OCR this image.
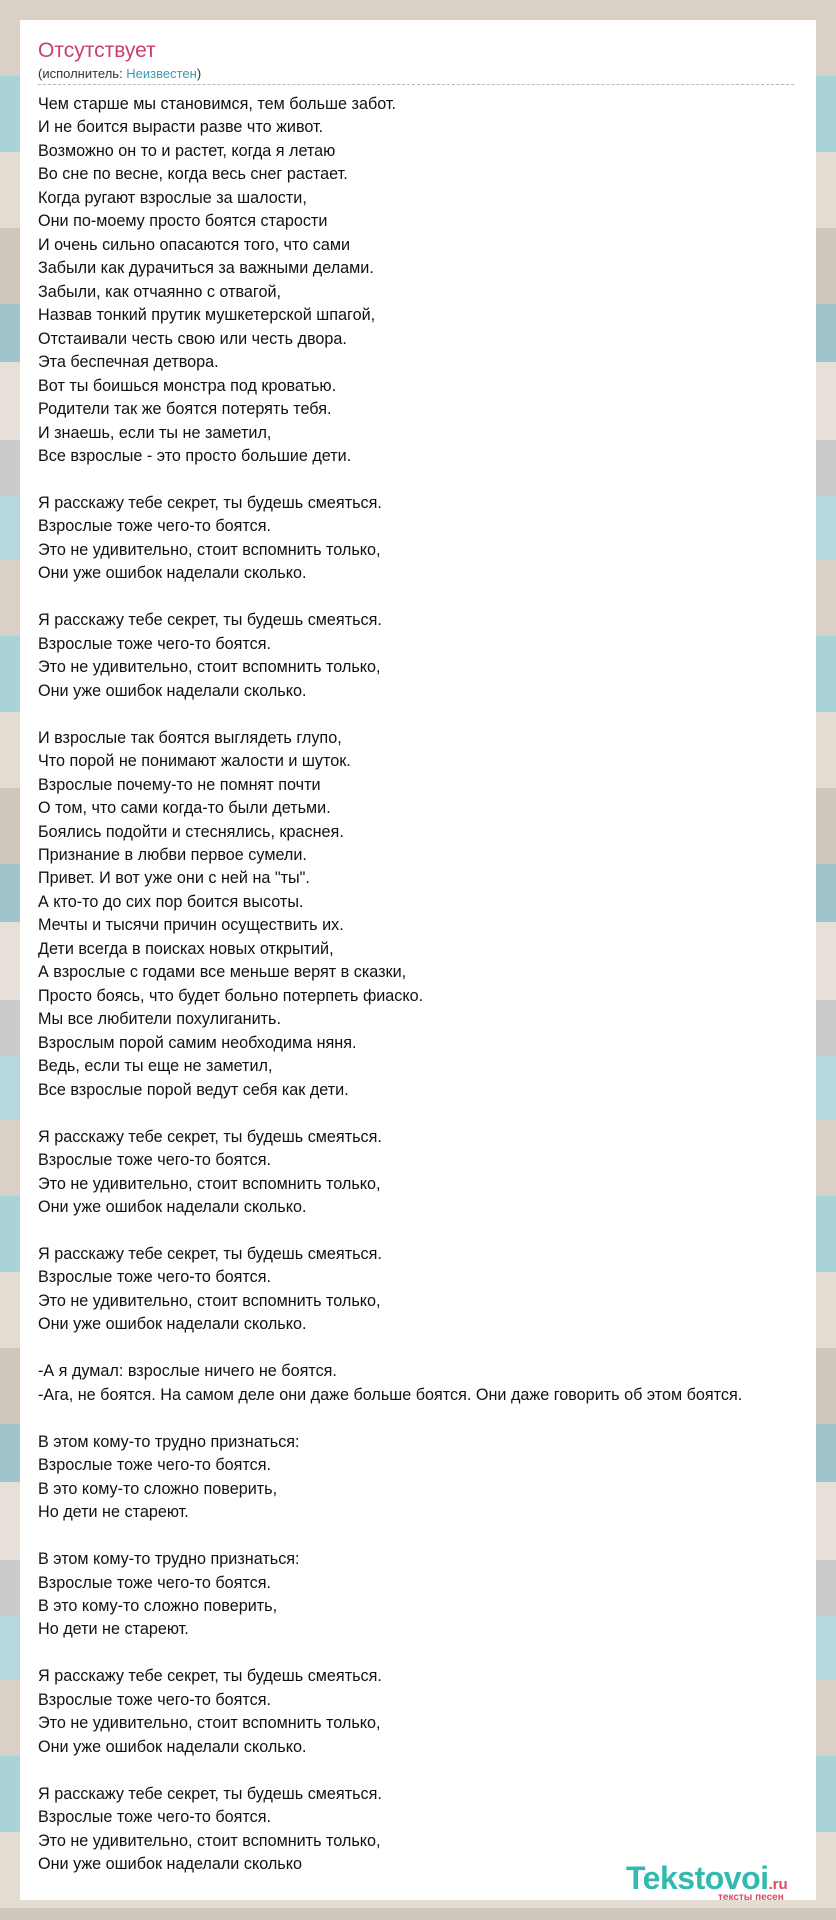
Отсутствует
(исполнитель: Неизвестен)
Чем старше мы становимся, тем больше забот.
И не боится вырасти разве что живот.
Возможно он то и растет, когда я летаю
Во сне по весне, когда весь снег растает.
Когда ругают взрослые за шалости,
Они по-моему просто боятся старости
И очень сильно опасаются того, что сами
Забыли как дурачиться за важными делами.
Забыли, как отчаянно с отвагой,
Назвав тонкий прутик мушкетерской шпагой,
Отстаивали честь свою или честь двора.
Эта беспечная детвора.
Вот ты боишься монстра под кроватью.
Родители так же боятся потерять тебя.
И знаешь, если ты не заметил,
Все взрослые - это просто большие дети.

Я расскажу тебе секрет, ты будешь смеяться.
Взрослые тоже чего-то боятся.
Это не удивительно, стоит вспомнить только,
Они уже ошибок наделали сколько.

Я расскажу тебе секрет, ты будешь смеяться.
Взрослые тоже чего-то боятся.
Это не удивительно, стоит вспомнить только,
Они уже ошибок наделали сколько.

И взрослые так боятся выглядеть глупо,
Что порой не понимают жалости и шуток.
Взрослые почему-то не помнят почти
О том, что сами когда-то были детьми.
Боялись подойти и стеснялись, краснея.
Признание в любви первое сумели.
Привет. И вот уже они с ней на "ты".
А кто-то до сих пор боится высоты.
Мечты и тысячи причин осуществить их.
Дети всегда в поисках новых открытий,
А взрослые с годами все меньше верят в сказки,
Просто боясь, что будет больно потерпеть фиаско.
Мы все любители похулиганить.
Взрослым порой самим необходима няня.
Ведь, если ты еще не заметил,
Все взрослые порой ведут себя как дети.

Я расскажу тебе секрет, ты будешь смеяться.
Взрослые тоже чего-то боятся.
Это не удивительно, стоит вспомнить только,
Они уже ошибок наделали сколько.

Я расскажу тебе секрет, ты будешь смеяться.
Взрослые тоже чего-то боятся.
Это не удивительно, стоит вспомнить только,
Они уже ошибок наделали сколько.

-А я думал: взрослые ничего не боятся.
-Ага, не боятся. На самом деле они даже больше боятся. Они даже говорить об этом боятся.

В этом кому-то трудно признаться:
Взрослые тоже чего-то боятся.
В это кому-то сложно поверить,
Но дети не стареют.

В этом кому-то трудно признаться:
Взрослые тоже чего-то боятся.
В это кому-то сложно поверить,
Но дети не стареют.

Я расскажу тебе секрет, ты будешь смеяться.
Взрослые тоже чего-то боятся.
Это не удивительно, стоит вспомнить только,
Они уже ошибок наделали сколько.

Я расскажу тебе секрет, ты будешь смеяться.
Взрослые тоже чего-то боятся.
Это не удивительно, стоит вспомнить только,
Они уже ошибок наделали сколько	Tekstovoi.ru
тексты песен
